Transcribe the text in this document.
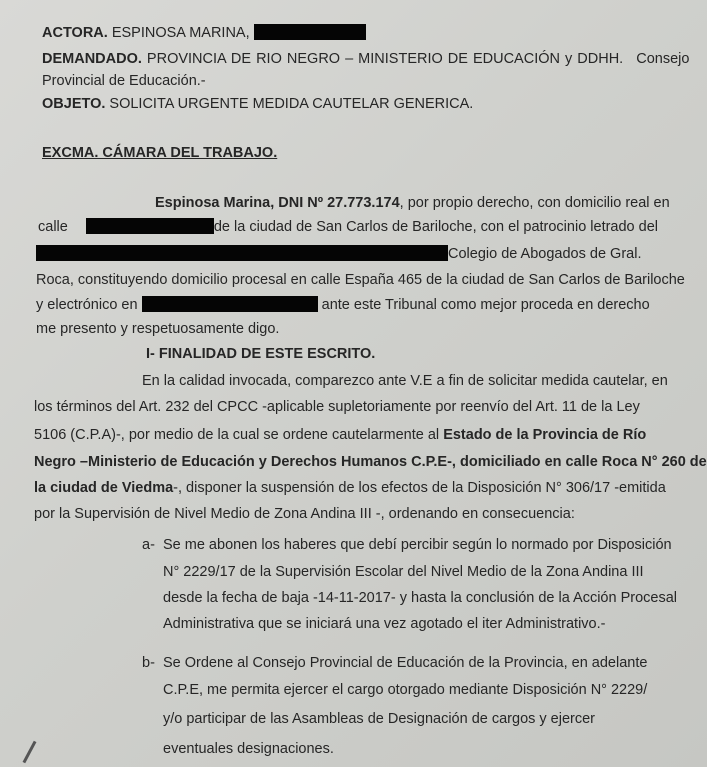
ACTORA. ESPINOSA MARINA,
DEMANDADO. PROVINCIA DE RIO NEGRO – MINISTERIO DE EDUCACIÓN y DDHH. Consejo
Provincial de Educación.-
OBJETO. SOLICITA URGENTE MEDIDA CAUTELAR GENERICA.
EXCMA. CÁMARA DEL TRABAJO.
Espinosa Marina, DNI Nº 27.773.174, por propio derecho, con domicilio real en
calle	de la ciudad de San Carlos de Bariloche, con el patrocinio letrado del
Colegio de Abogados de Gral.
Roca, constituyendo domicilio procesal en calle España 465 de la ciudad de San Carlos de Bariloche
y electrónico en	ante este Tribunal como mejor proceda en derecho
me presento y respetuosamente digo.
I- FINALIDAD DE ESTE ESCRITO.
En la calidad invocada, comparezco ante V.E a fin de solicitar medida cautelar, en
los términos del Art. 232 del CPCC -aplicable supletoriamente por reenvío del Art. 11 de la Ley
5106 (C.P.A)-, por medio de la cual se ordene cautelarmente al Estado de la Provincia de Río
Negro –Ministerio de Educación y Derechos Humanos C.P.E-, domiciliado en calle Roca N° 260 de
la ciudad de Viedma-, disponer la suspensión de los efectos de la Disposición N° 306/17 -emitida
por la Supervisión de Nivel Medio de Zona Andina III -, ordenando en consecuencia:
a- Se me abonen los haberes que debí percibir según lo normado por Disposición
N° 2229/17 de la Supervisión Escolar del Nivel Medio de la Zona Andina III
desde la fecha de baja -14-11-2017- y hasta la conclusión de la Acción Procesal
Administrativa que se iniciará una vez agotado el iter Administrativo.-
b- Se Ordene al Consejo Provincial de Educación de la Provincia, en adelante
C.P.E, me permita ejercer el cargo otorgado mediante Disposición N° 2229/
y/o participar de las Asambleas de Designación de cargos y ejercer
eventuales designaciones.
